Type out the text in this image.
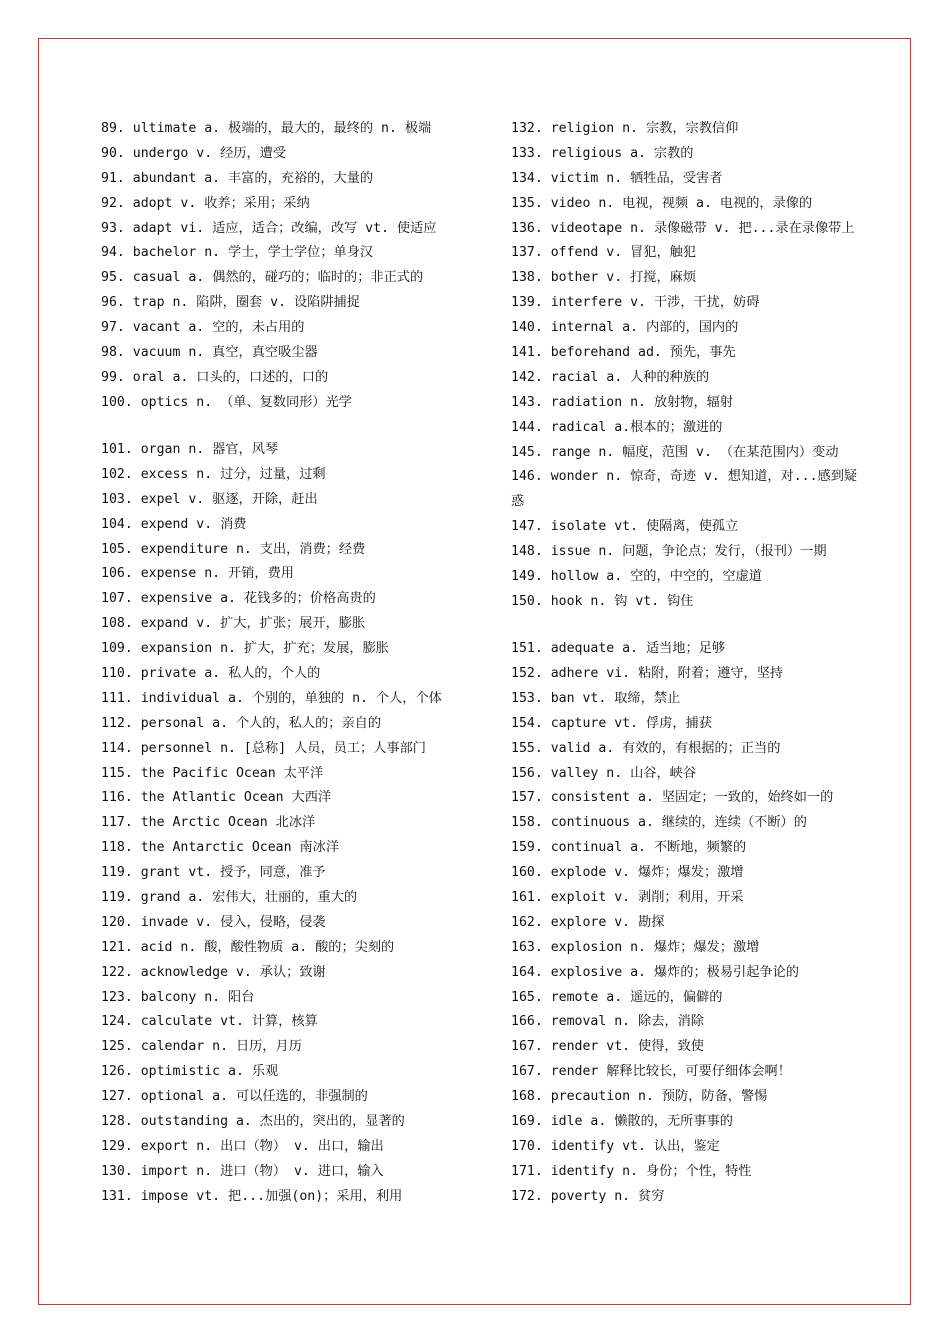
89. ultimate a. 极端的，最大的，最终的 n. 极端
90. undergo v. 经历，遭受
91. abundant a. 丰富的，充裕的，大量的
92. adopt v. 收养；采用；采纳
93. adapt vi. 适应，适合；改编，改写 vt. 使适应
94. bachelor n. 学士，学士学位；单身汉
95. casual a. 偶然的，碰巧的；临时的；非正式的
96. trap n. 陷阱，圈套 v. 设陷阱捕捉
97. vacant a. 空的，未占用的
98. vacuum n. 真空，真空吸尘器
99. oral a. 口头的，口述的，口的
100. optics n. （单、复数同形）光学
101. organ n. 器官，风琴
102. excess n. 过分，过量，过剩
103. expel v. 驱逐，开除，赶出
104. expend v. 消费
105. expenditure n. 支出，消费；经费
106. expense n. 开销，费用
107. expensive a. 花钱多的；价格高贵的
108. expand v. 扩大，扩张；展开，膨胀
109. expansion n. 扩大，扩充；发展，膨胀
110. private a. 私人的，个人的
111. individual a. 个别的，单独的 n. 个人，个体
112. personal a. 个人的，私人的；亲自的
114. personnel n. [总称] 人员，员工；人事部门
115. the Pacific Ocean 太平洋
116. the Atlantic Ocean 大西洋
117. the Arctic Ocean 北冰洋
118. the Antarctic Ocean 南冰洋
119. grant vt. 授予，同意，准予
119. grand a. 宏伟大，壮丽的，重大的
120. invade v. 侵入，侵略，侵袭
121. acid n. 酸，酸性物质 a. 酸的；尖刻的
122. acknowledge v. 承认；致谢
123. balcony n. 阳台
124. calculate vt. 计算，核算
125. calendar n. 日历，月历
126. optimistic a. 乐观
127. optional a. 可以任选的，非强制的
128. outstanding a. 杰出的，突出的，显著的
129. export n. 出口（物） v. 出口，输出
130. import n. 进口（物） v. 进口，输入
131. impose vt. 把...加强(on)；采用，利用
132. religion n. 宗教，宗教信仰
133. religious a. 宗教的
134. victim n. 牺牲品，受害者
135. video n. 电视，视频 a. 电视的，录像的
136. videotape n. 录像磁带 v. 把...录在录像带上
137. offend v. 冒犯，触犯
138. bother v. 打搅，麻烦
139. interfere v. 干涉，干扰，妨碍
140. internal a. 内部的，国内的
141. beforehand ad. 预先，事先
142. racial a. 人种的种族的
143. radiation n. 放射物，辐射
144. radical a.根本的；激进的
145. range n. 幅度，范围 v. （在某范围内）变动
146. wonder n. 惊奇，奇迹 v. 想知道，对...感到疑
惑
147. isolate vt. 使隔离，使孤立
148. issue n. 问题，争论点；发行，（报刊）一期
149. hollow a. 空的，中空的，空虚道
150. hook n. 钩 vt. 钩住
151. adequate a. 适当地；足够
152. adhere vi. 粘附，附着；遵守，坚持
153. ban vt. 取缔，禁止
154. capture vt. 俘虏，捕获
155. valid a. 有效的，有根据的；正当的
156. valley n. 山谷，峡谷
157. consistent a. 坚固定；一致的，始终如一的
158. continuous a. 继续的，连续（不断）的
159. continual a. 不断地，频繁的
160. explode v. 爆炸；爆发；激增
161. exploit v. 剥削；利用，开采
162. explore v. 勘探
163. explosion n. 爆炸；爆发；激增
164. explosive a. 爆炸的；极易引起争论的
165. remote a. 遥远的，偏僻的
166. removal n. 除去，消除
167. render vt. 使得，致使
167. render 解释比较长，可要仔细体会啊！
168. precaution n. 预防，防备，警惕
169. idle a. 懒散的，无所事事的
170. identify vt. 认出，鉴定
171. identify n. 身份；个性，特性
172. poverty n. 贫穷
